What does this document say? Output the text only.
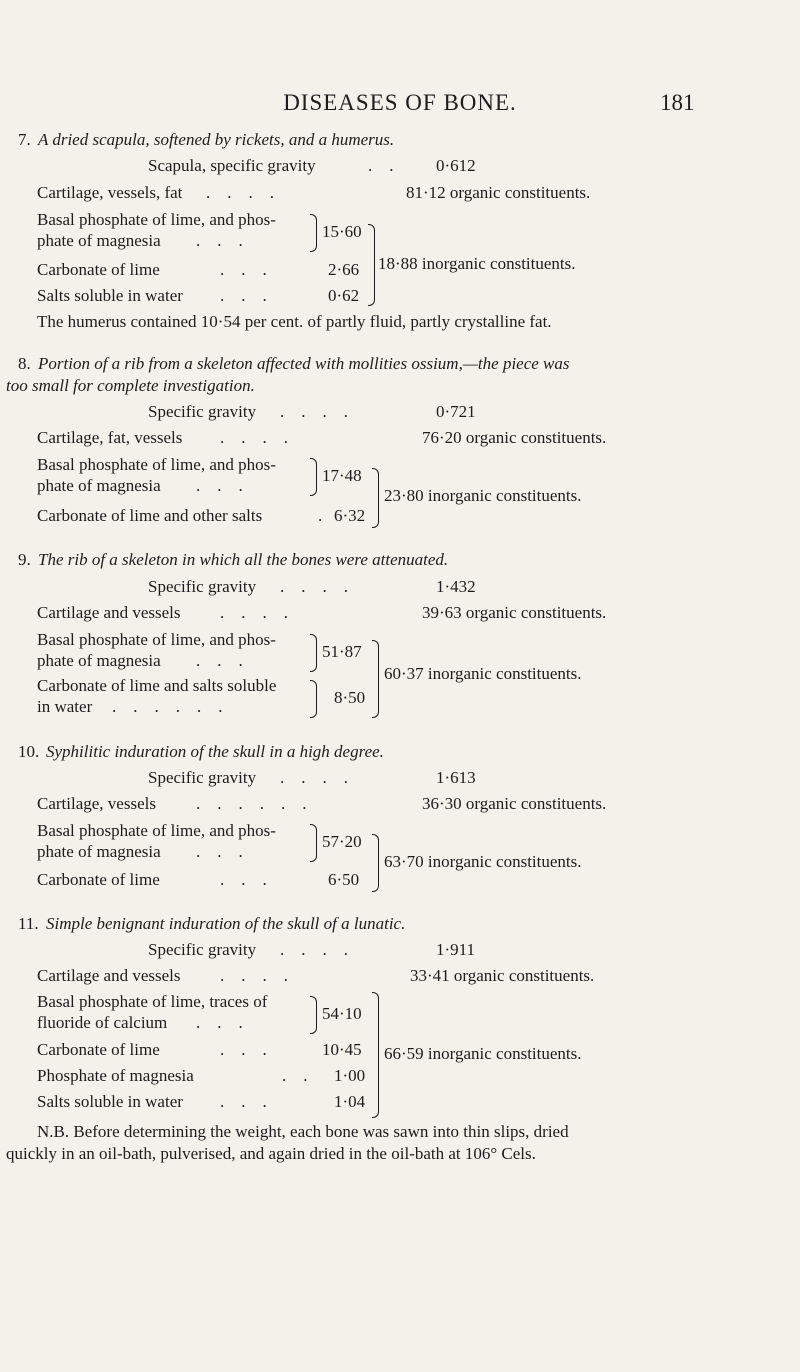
DISEASES OF BONE.	181
7. A dried scapula, softened by rickets, and a humerus.
Scapula, specific gravity	.    .	0·612
Cartilage, vessels, fat .    .    .    .	81·12 organic constituents.
Basal phosphate of lime, and phos-
phate of magnesia .    .    .	15·60
Carbonate of lime	.    .    .	2·66
Salts soluble in water .    .    .	0·62
18·88 inorganic constituents.
The humerus contained 10·54 per cent. of partly fluid, partly crystalline fat.
8. Portion of a rib from a skeleton affected with mollities ossium,—the piece was
too small for complete investigation.
Specific gravity .    .    .    .	0·721
Cartilage, fat, vessels .    .    .    .	76·20 organic constituents.
Basal phosphate of lime, and phos-
phate of magnesia .    .    .
17·48
Carbonate of lime and other salts	. 6·32
23·80 inorganic constituents.
9. The rib of a skeleton in which all the bones were attenuated.
Specific gravity .    .    .    .	1·432
Cartilage and vessels .    .    .    .	39·63 organic constituents.
Basal phosphate of lime, and phos-
phate of magnesia .    .    .	51·87
Carbonate of lime and salts soluble
in water .    .    .    .    .    .	8·50
60·37 inorganic constituents.
10. Syphilitic induration of the skull in a high degree.
Specific gravity .    .    .    .	1·613
Cartilage, vessels .    .    .    .    .    .	36·30 organic constituents.
Basal phosphate of lime, and phos-
phate of magnesia .    .    .
57·20
Carbonate of lime	.    .    .	6·50
63·70 inorganic constituents.
11. Simple benignant induration of the skull of a lunatic.
Specific gravity .    .    .    .	1·911
Cartilage and vessels .    .    .    .	33·41 organic constituents.
Basal phosphate of lime, traces of
fluoride of calcium .    .    .	54·10
Carbonate of lime	.    .    .	10·45
Phosphate of magnesia	.    . 1·00
Salts soluble in water .    .    .	1·04
66·59 inorganic constituents.
N.B. Before determining the weight, each bone was sawn into thin slips, dried
quickly in an oil-bath, pulverised, and again dried in the oil-bath at 106° Cels.
